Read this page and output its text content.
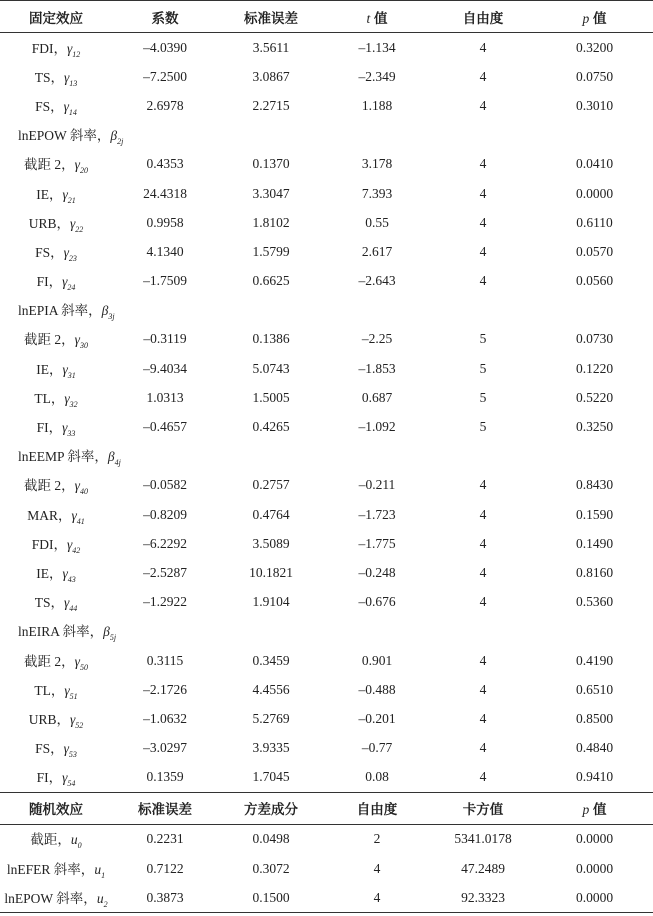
固定效应	系数	标准误差	t 值	自由度	p 值
FDI，$\gamma_{12}$	–4.0390	3.5611	–1.134	4	0.3200
TS，$\gamma_{13}$	–7.2500	3.0867	–2.349	4	0.0750
FS，$\gamma_{14}$	2.6978	2.2715	1.188	4	0.3010
lnEPOW 斜率，$\beta_{2j}$
截距 2，$\gamma_{20}$	0.4353	0.1370	3.178	4	0.0410
IE，$\gamma_{21}$	24.4318	3.3047	7.393	4	0.0000
URB，$\gamma_{22}$	0.9958	1.8102	0.55	4	0.6110
FS，$\gamma_{23}$	4.1340	1.5799	2.617	4	0.0570
FI，$\gamma_{24}$	–1.7509	0.6625	–2.643	4	0.0560
lnEPIA 斜率，$\beta_{3j}$
截距 2，$\gamma_{30}$	–0.3119	0.1386	–2.25	5	0.0730
IE，$\gamma_{31}$	–9.4034	5.0743	–1.853	5	0.1220
TL，$\gamma_{32}$	1.0313	1.5005	0.687	5	0.5220
FI，$\gamma_{33}$	–0.4657	0.4265	–1.092	5	0.3250
lnEEMP 斜率，$\beta_{4j}$
截距 2，$\gamma_{40}$	–0.0582	0.2757	–0.211	4	0.8430
MAR，$\gamma_{41}$	–0.8209	0.4764	–1.723	4	0.1590
FDI，$\gamma_{42}$	–6.2292	3.5089	–1.775	4	0.1490
IE，$\gamma_{43}$	–2.5287	10.1821	–0.248	4	0.8160
TS，$\gamma_{44}$	–1.2922	1.9104	–0.676	4	0.5360
lnEIRA 斜率，$\beta_{5j}$
截距 2，$\gamma_{50}$	0.3115	0.3459	0.901	4	0.4190
TL，$\gamma_{51}$	–2.1726	4.4556	–0.488	4	0.6510
URB，$\gamma_{52}$	–1.0632	5.2769	–0.201	4	0.8500
FS，$\gamma_{53}$	–3.0297	3.9335	–0.77	4	0.4840
FI，$\gamma_{54}$	0.1359	1.7045	0.08	4	0.9410
随机效应	标准误差	方差成分	自由度	卡方值	p 值
截距，$u_0$	0.2231	0.0498	2	5341.0178	0.0000
lnEFER 斜率，$u_1$	0.7122	0.3072	4	47.2489	0.0000
lnEPOW 斜率，$u_2$	0.3873	0.1500	4	92.3323	0.0000
